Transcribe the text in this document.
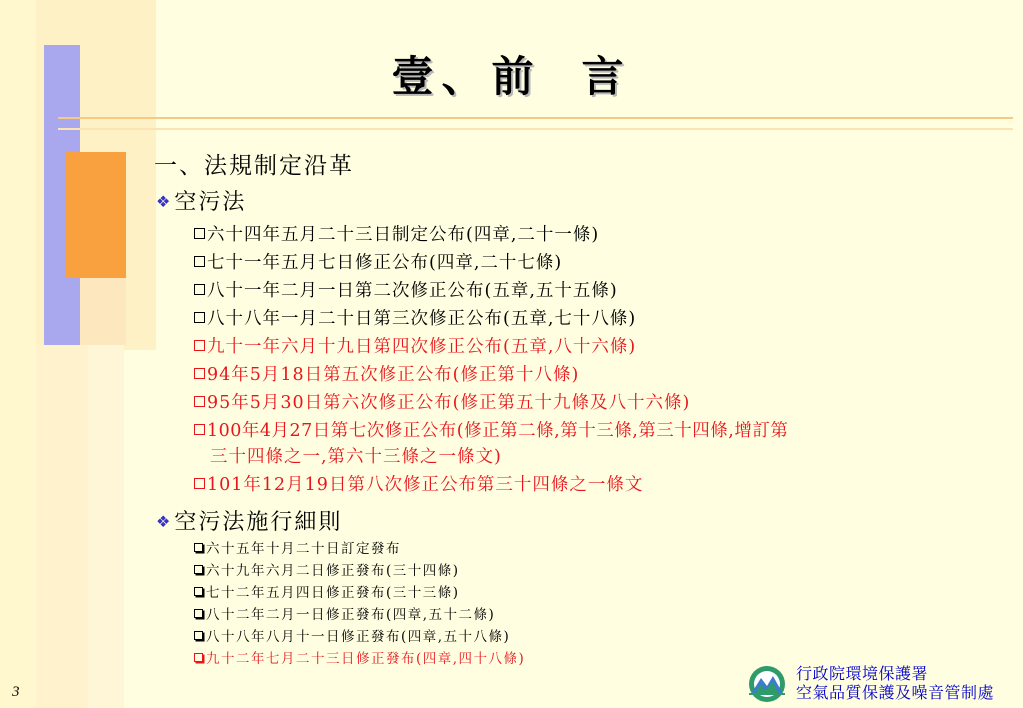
壹、前 言
一、法規制定沿革
❖空污法
六十四年五月二十三日制定公布(四章,二十一條)
七十一年五月七日修正公布(四章,二十七條)
八十一年二月一日第二次修正公布(五章,五十五條)
八十八年一月二十日第三次修正公布(五章,七十八條)
九十一年六月十九日第四次修正公布(五章,八十六條)
94年5月18日第五次修正公布(修正第十八條)
95年5月30日第六次修正公布(修正第五十九條及八十六條)
100年4月27日第七次修正公布(修正第二條,第十三條,第三十四條,增訂第
三十四條之一,第六十三條之一條文)
101年12月19日第八次修正公布第三十四條之一條文
❖空污法施行細則
六十五年十月二十日訂定發布
六十九年六月二日修正發布(三十四條)
七十二年五月四日修正發布(三十三條)
八十二年二月一日修正發布(四章,五十二條)
八十八年八月十一日修正發布(四章,五十八條)
九十二年七月二十三日修正發布(四章,四十八條)
3
行政院環境保護署
空氣品質保護及噪音管制處
